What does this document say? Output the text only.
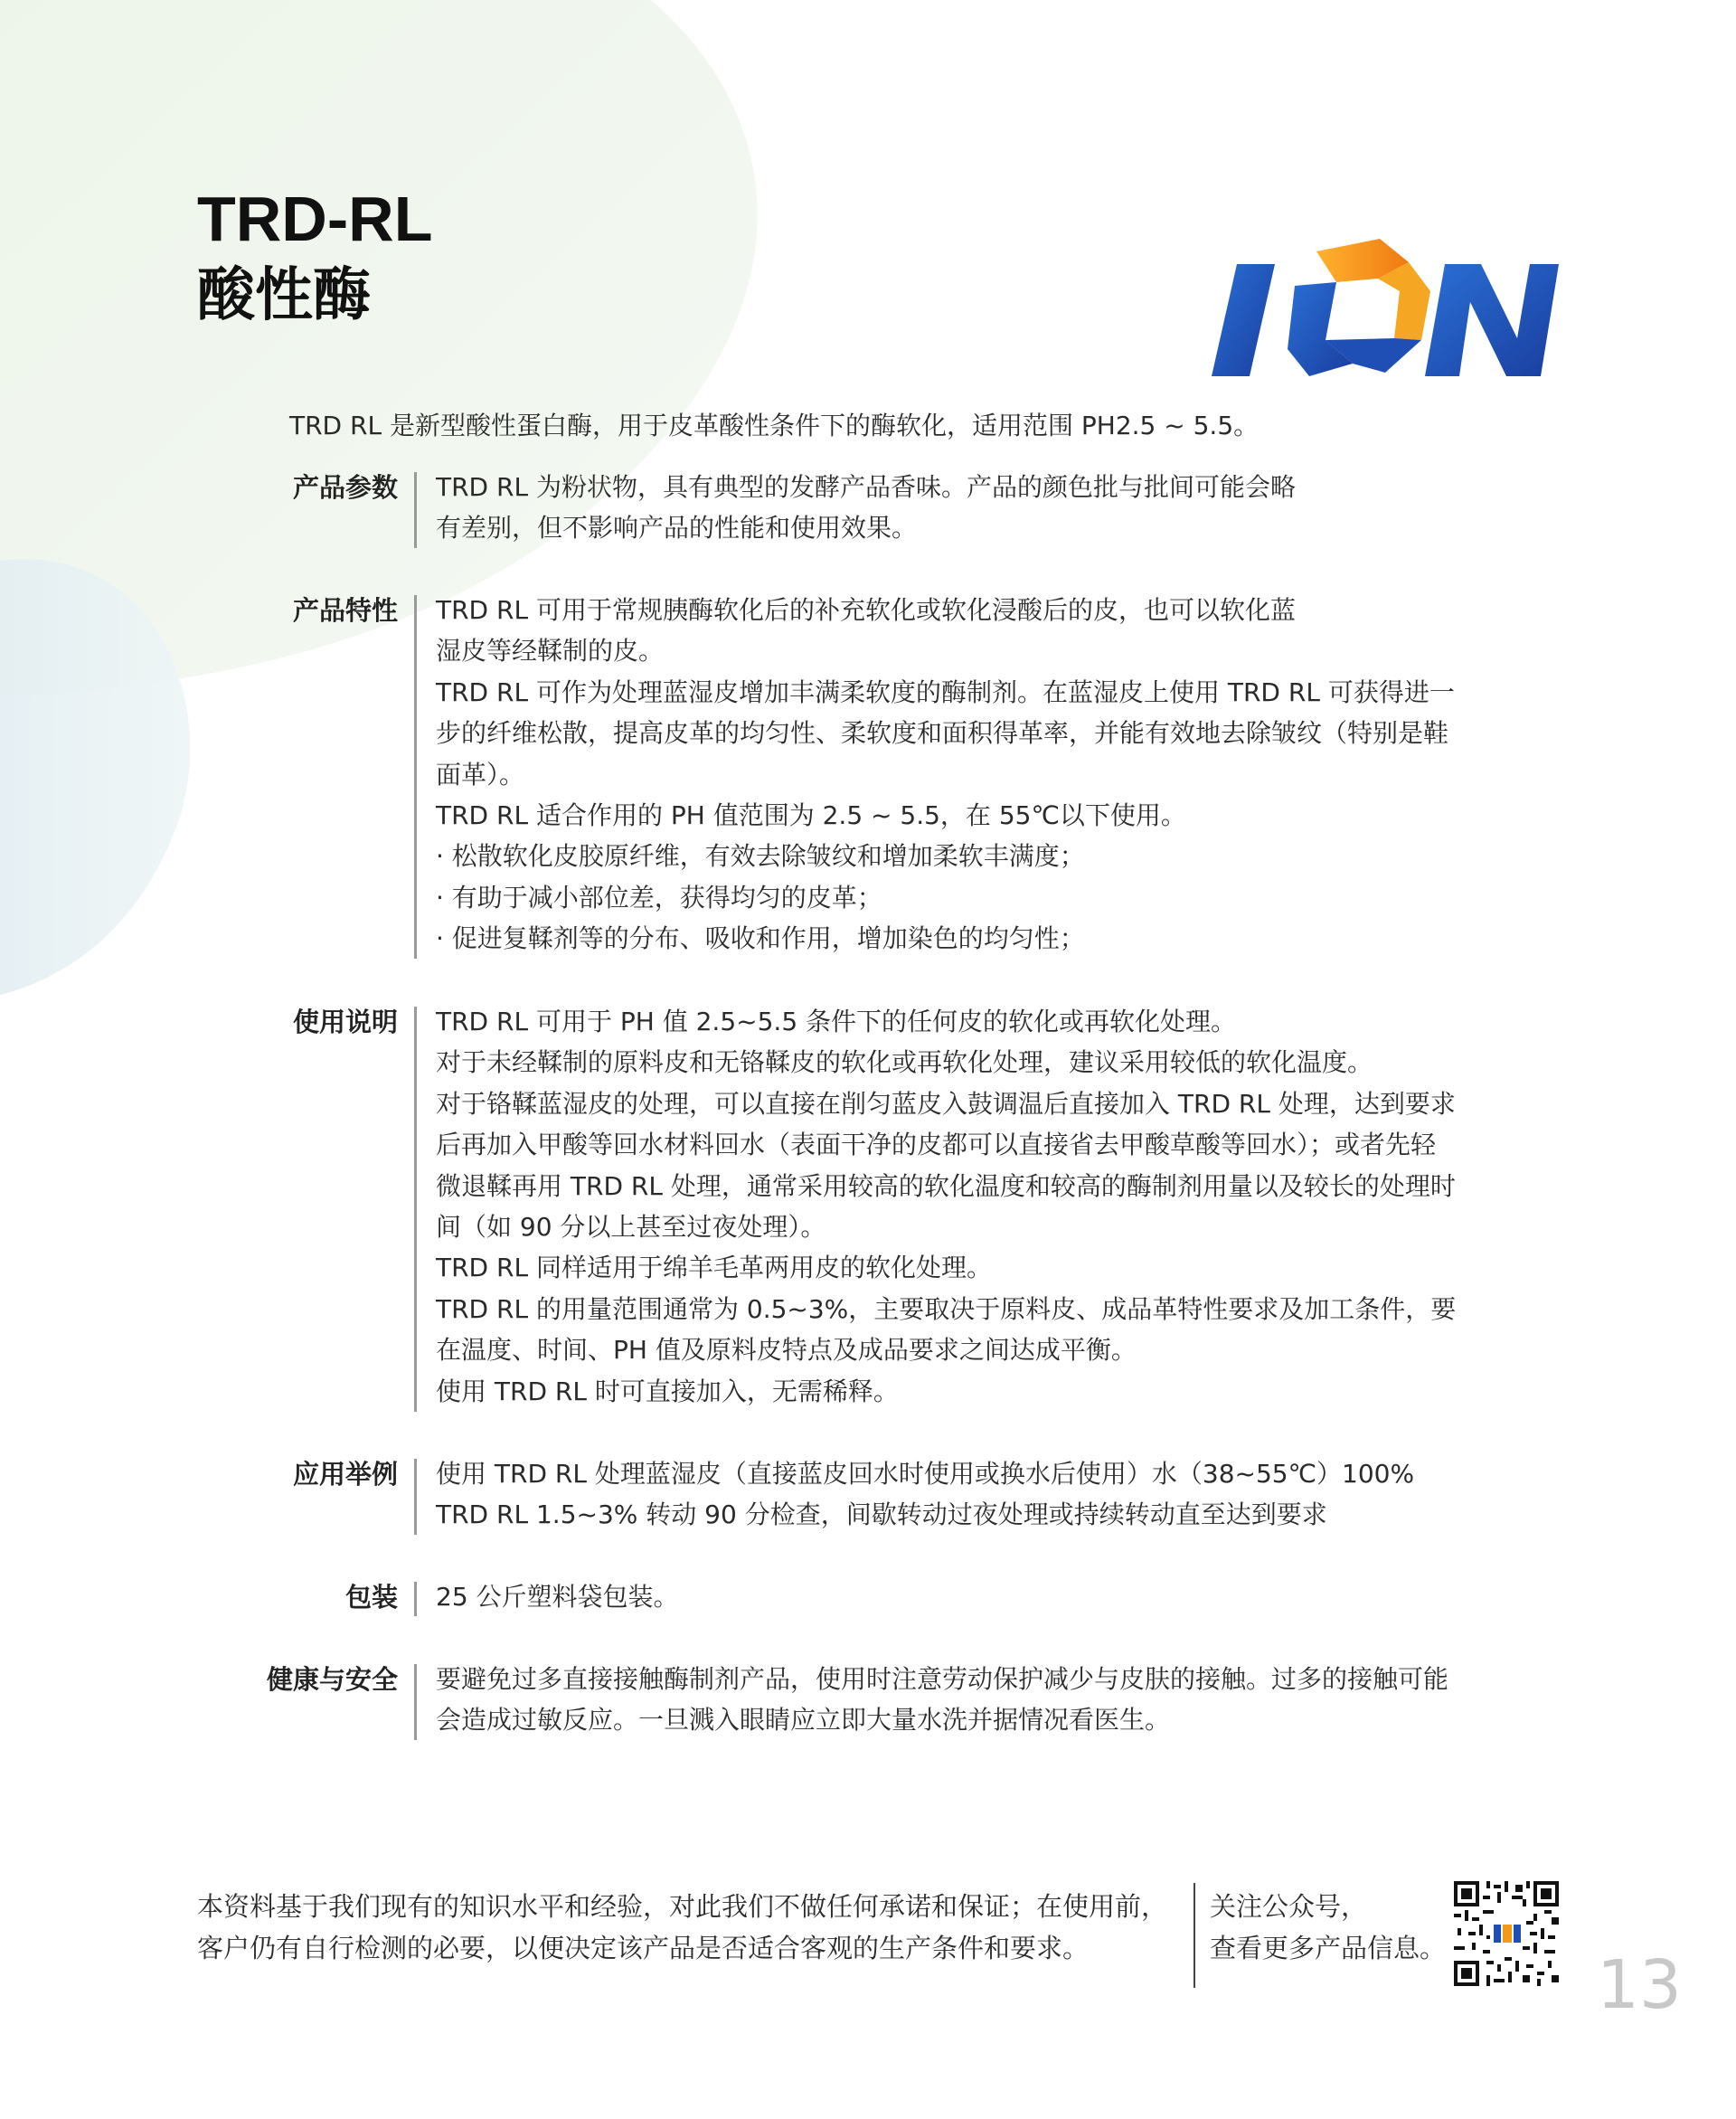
TRD-RL
酸性酶
TRD RL 是新型酸性蛋白酶，用于皮革酸性条件下的酶软化，适用范围 PH2.5 ~ 5.5。
产品参数 TRD RL 为粉状物，具有典型的发酵产品香味。产品的颜色批与批间可能会略

有差别，但不影响产品的性能和使用效果。

产品特性 TRD RL 可用于常规胰酶软化后的补充软化或软化浸酸后的皮，也可以软化蓝

湿皮等经鞣制的皮。

TRD RL 可作为处理蓝湿皮增加丰满柔软度的酶制剂。在蓝湿皮上使用 TRD RL 可获得进一

步的纤维松散，提高皮革的均匀性、柔软度和面积得革率，并能有效地去除皱纹（特别是鞋

面革）。

TRD RL 适合作用的 PH 值范围为 2.5 ~ 5.5，在 55℃以下使用。

· 松散软化皮胶原纤维，有效去除皱纹和增加柔软丰满度；

· 有助于减小部位差，获得均匀的皮革；

· 促进复鞣剂等的分布、吸收和作用，增加染色的均匀性；

使用说明 TRD RL 可用于 PH 值 2.5~5.5 条件下的任何皮的软化或再软化处理。

对于未经鞣制的原料皮和无铬鞣皮的软化或再软化处理，建议采用较低的软化温度。

对于铬鞣蓝湿皮的处理，可以直接在削匀蓝皮入鼓调温后直接加入 TRD RL 处理，达到要求

后再加入甲酸等回水材料回水（表面干净的皮都可以直接省去甲酸草酸等回水）；或者先轻

微退鞣再用 TRD RL 处理，通常采用较高的软化温度和较高的酶制剂用量以及较长的处理时

间（如 90 分以上甚至过夜处理）。

TRD RL 同样适用于绵羊毛革两用皮的软化处理。

TRD RL 的用量范围通常为 0.5~3%，主要取决于原料皮、成品革特性要求及加工条件，要

在温度、时间、PH 值及原料皮特点及成品要求之间达成平衡。

使用 TRD RL 时可直接加入，无需稀释。

应用举例 使用 TRD RL 处理蓝湿皮（直接蓝皮回水时使用或换水后使用）水（38~55℃）100%

TRD RL 1.5~3% 转动 90 分检查，间歇转动过夜处理或持续转动直至达到要求

包装 25 公斤塑料袋包装。

健康与安全 要避免过多直接接触酶制剂产品，使用时注意劳动保护减少与皮肤的接触。过多的接触可能

会造成过敏反应。一旦溅入眼睛应立即大量水洗并据情况看医生。

本资料基于我们现有的知识水平和经验，对此我们不做任何承诺和保证；在使用前，

客户仍有自行检测的必要，以便决定该产品是否适合客观的生产条件和要求。

关注公众号，

查看更多产品信息。	13
